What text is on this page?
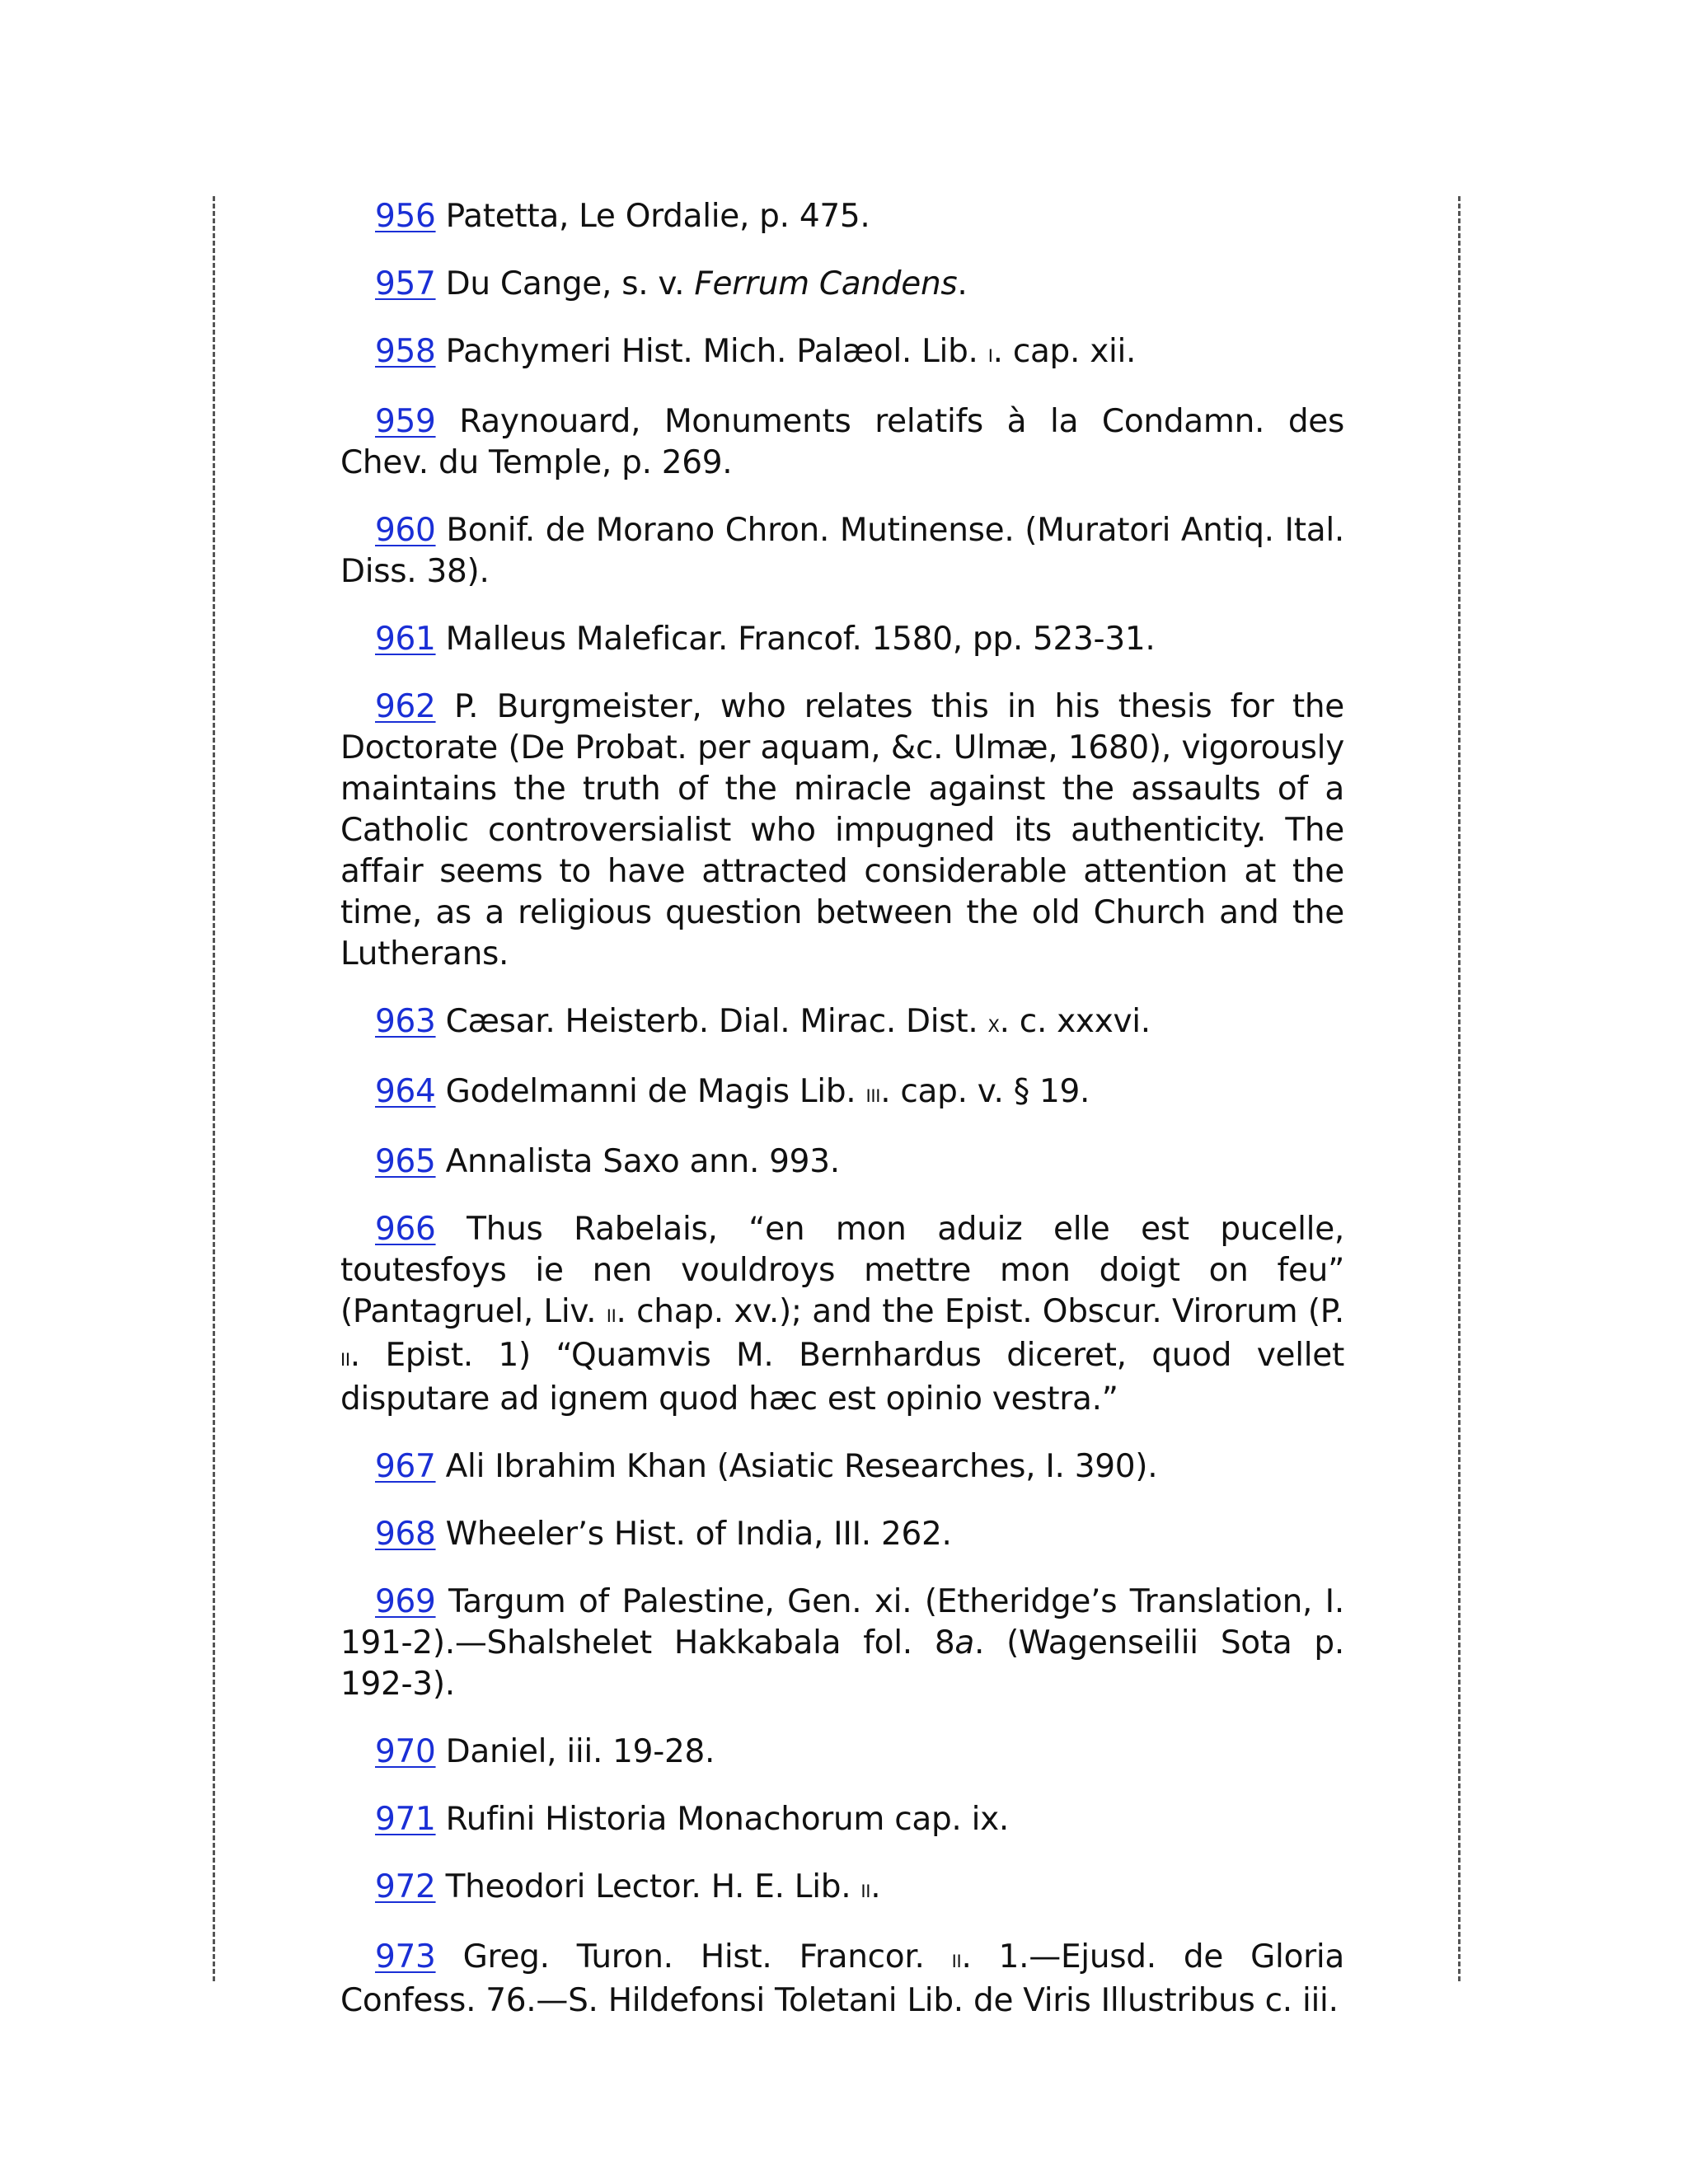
956 Patetta, Le Ordalie, p. 475.

957 Du Cange, s. v. Ferrum Candens.

958 Pachymeri Hist. Mich. Palæol. Lib. i. cap. xii.

959 Raynouard, Monuments relatifs à la Condamn. des Chev. du Temple, p. 269.

960 Bonif. de Morano Chron. Mutinense. (Muratori Antiq. Ital. Diss. 38).

961 Malleus Maleficar. Francof. 1580, pp. 523-31.

962 P. Burgmeister, who relates this in his thesis for the Doctorate (De Probat. per aquam, &c. Ulmæ, 1680), vigorously maintains the truth of the miracle against the assaults of a Catholic controversialist who impugned its authenticity. The affair seems to have attracted considerable attention at the time, as a religious question between the old Church and the Lutherans.

963 Cæsar. Heisterb. Dial. Mirac. Dist. x. c. xxxvi.

964 Godelmanni de Magis Lib. iii. cap. v. § 19.

965 Annalista Saxo ann. 993.

966 Thus Rabelais, “en mon aduiz elle est pucelle, toutesfoys ie nen vouldroys mettre mon doigt on feu” (Pantagruel, Liv. ii. chap. xv.); and the Epist. Obscur. Virorum (P. ii. Epist. 1) “Quamvis M. Bernhardus diceret, quod vellet disputare ad ignem quod hæc est opinio vestra.”

967 Ali Ibrahim Khan (Asiatic Researches, I. 390).

968 Wheeler’s Hist. of India, III. 262.

969 Targum of Palestine, Gen. xi. (Etheridge’s Translation, I. 191-2).—Shalshelet Hakkabala fol. 8a. (Wagenseilii Sota p. 192-3).

970 Daniel, iii. 19-28.

971 Rufini Historia Monachorum cap. ix.

972 Theodori Lector. H. E. Lib. ii.

973 Greg. Turon. Hist. Francor. ii. 1.—Ejusd. de Gloria Confess. 76.—S. Hildefonsi Toletani Lib. de Viris Illustribus c. iii.
